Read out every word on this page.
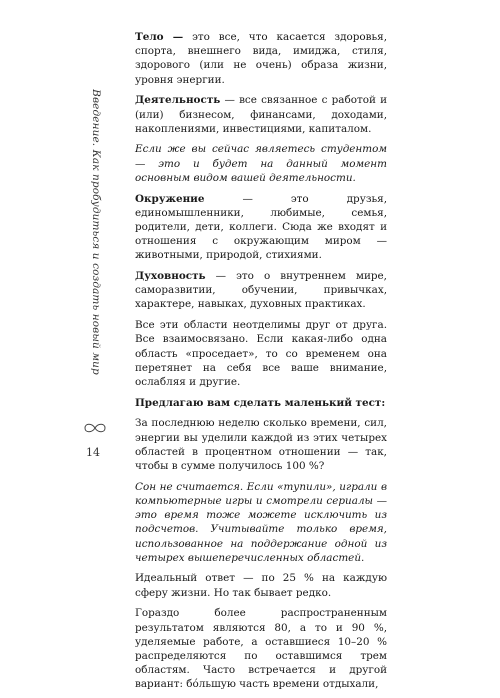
Введение. Как пробудиться и создать новый мир
14

Тело — это все, что касается здоровья, спорта, внешнего вида, имиджа, стиля, здорового (или не очень) образа жизни, уровня энергии.

Деятельность — все связанное с работой и (или) бизнесом, финансами, доходами, накоплениями, инвестициями, капиталом.

Если же вы сейчас являетесь студентом — это и будет на данный момент основным видом вашей деятельности.

Окружение — это друзья, единомышленники, любимые, семья, родители, дети, коллеги. Сюда же входят и отношения с окружающим миром — животными, природой, стихиями.

Духовность — это о внутреннем мире, саморазвитии, обучении, привычках, характере, навыках, духовных практиках.

Все эти области неотделимы друг от друга. Все взаимосвязано. Если какая-либо одна область «проседает», то со временем она перетянет на себя все ваше внимание, ослабляя и другие.

Предлагаю вам сделать маленький тест:

За последнюю неделю сколько времени, сил, энергии вы уделили каждой из этих четырех областей в процентном отношении — так, чтобы в сумме получилось 100 %?

Сон не считается. Если «тупили», играли в компьютерные игры и смотрели сериалы — это время тоже можете исключить из подсчетов. Учитывайте только время, использованное на поддержание одной из четырех вышеперечисленных областей.

Идеальный ответ — по 25 % на каждую сферу жизни. Но так бывает редко.

Гораздо более распространенным результатом являются 80, а то и 90 %, уделяемые работе, а оставшиеся 10–20 % распределяются по оставшимся трем областям. Часто встречается и другой вариант: бóльшую часть времени отдыхали,
